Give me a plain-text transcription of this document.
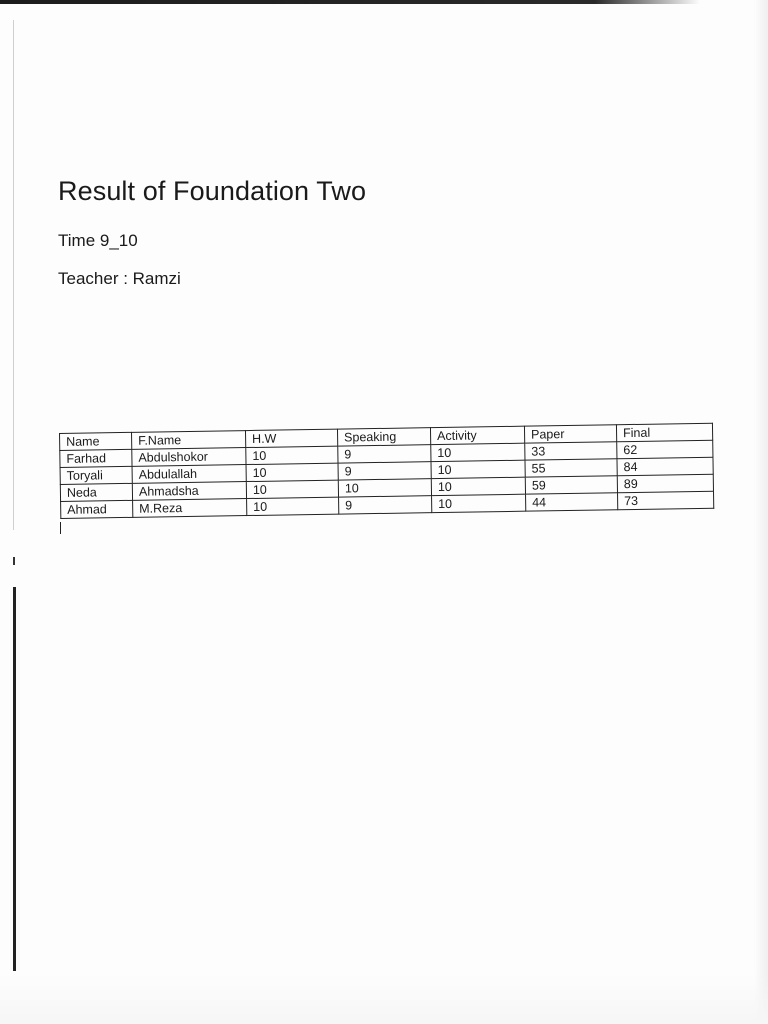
Result of Foundation Two

Time 9_10

Teacher : Ramzi

Name	F.Name	H.W	Speaking	Activity	Paper	Final
Farhad	Abdulshokor	10	9	10	33	62
Toryali	Abdulallah	10	9	10	55	84
Neda	Ahmadsha	10	10	10	59	89
Ahmad	M.Reza	10	9	10	44	73
